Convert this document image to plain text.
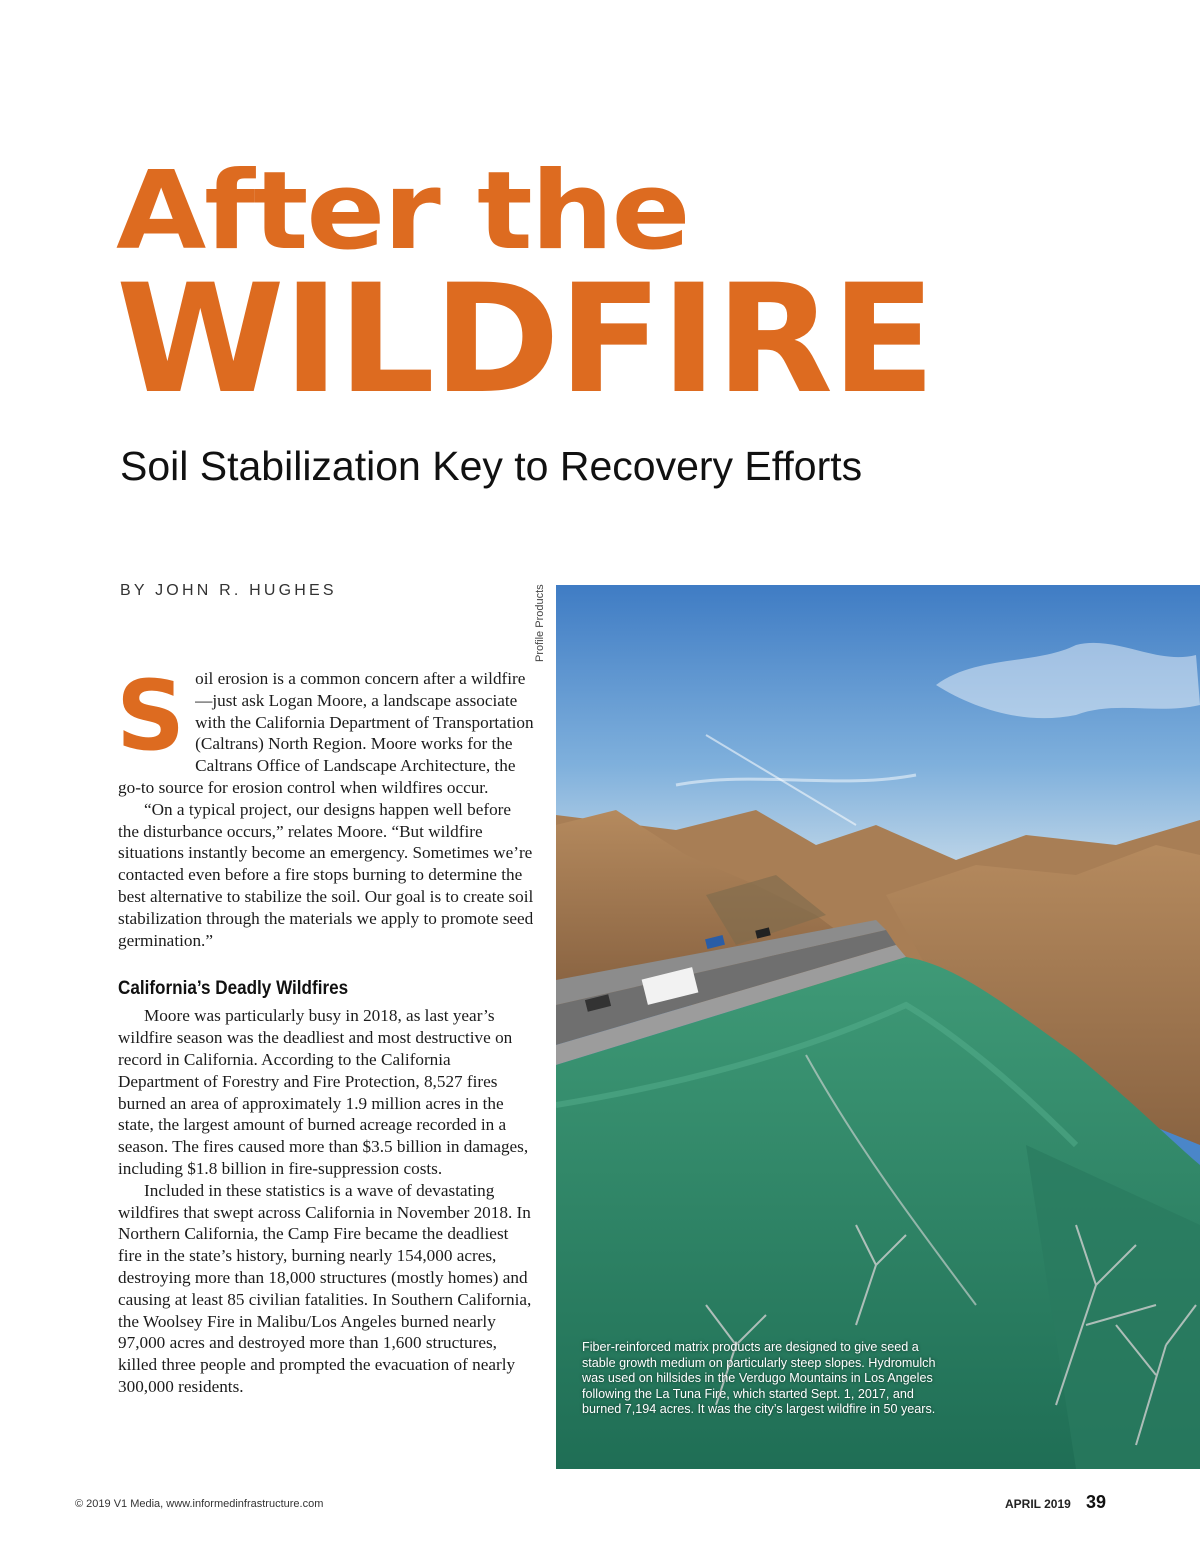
After the
WILDFIRE
Soil Stabilization Key to Recovery Efforts
BY JOHN R. HUGHES	Profile Products

Soil erosion is a common concern after a wildfire—just ask Logan Moore, a landscape associate with the California Department of Transportation (Caltrans) North Region. Moore works for the Caltrans Office of Landscape Architecture, the go-to source for erosion control when wildfires occur.

“On a typical project, our designs happen well before the disturbance occurs,” relates Moore. “But wildfire situations instantly become an emergency. Sometimes we’re contacted even before a fire stops burning to determine the best alternative to stabilize the soil. Our goal is to create soil stabilization through the materials we apply to promote seed germination.”

California’s Deadly Wildfires

Moore was particularly busy in 2018, as last year’s wildfire season was the deadliest and most destructive on record in California. According to the California Department of Forestry and Fire Protection, 8,527 fires burned an area of approximately 1.9 million acres in the state, the largest amount of burned acreage recorded in a season. The fires caused more than $3.5 billion in damages, including $1.8 billion in fire-suppression costs.

Included in these statistics is a wave of devastating wildfires that swept across California in November 2018. In Northern California, the Camp Fire became the deadliest fire in the state’s history, burning nearly 154,000 acres, destroying more than 18,000 structures (mostly homes) and causing at least 85 civilian fatalities. In Southern California, the Woolsey Fire in Malibu/Los Angeles burned nearly 97,000 acres and destroyed more than 1,600 structures, killed three people and prompted the evacuation of nearly 300,000 residents.

Fiber-reinforced matrix products are designed to give seed a stable growth medium on particularly steep slopes. Hydromulch was used on hillsides in the Verdugo Mountains in Los Angeles following the La Tuna Fire, which started Sept. 1, 2017, and burned 7,194 acres. It was the city’s largest wildfire in 50 years.
© 2019 V1 Media, www.informedinfrastructure.com	APRIL 2019 39
